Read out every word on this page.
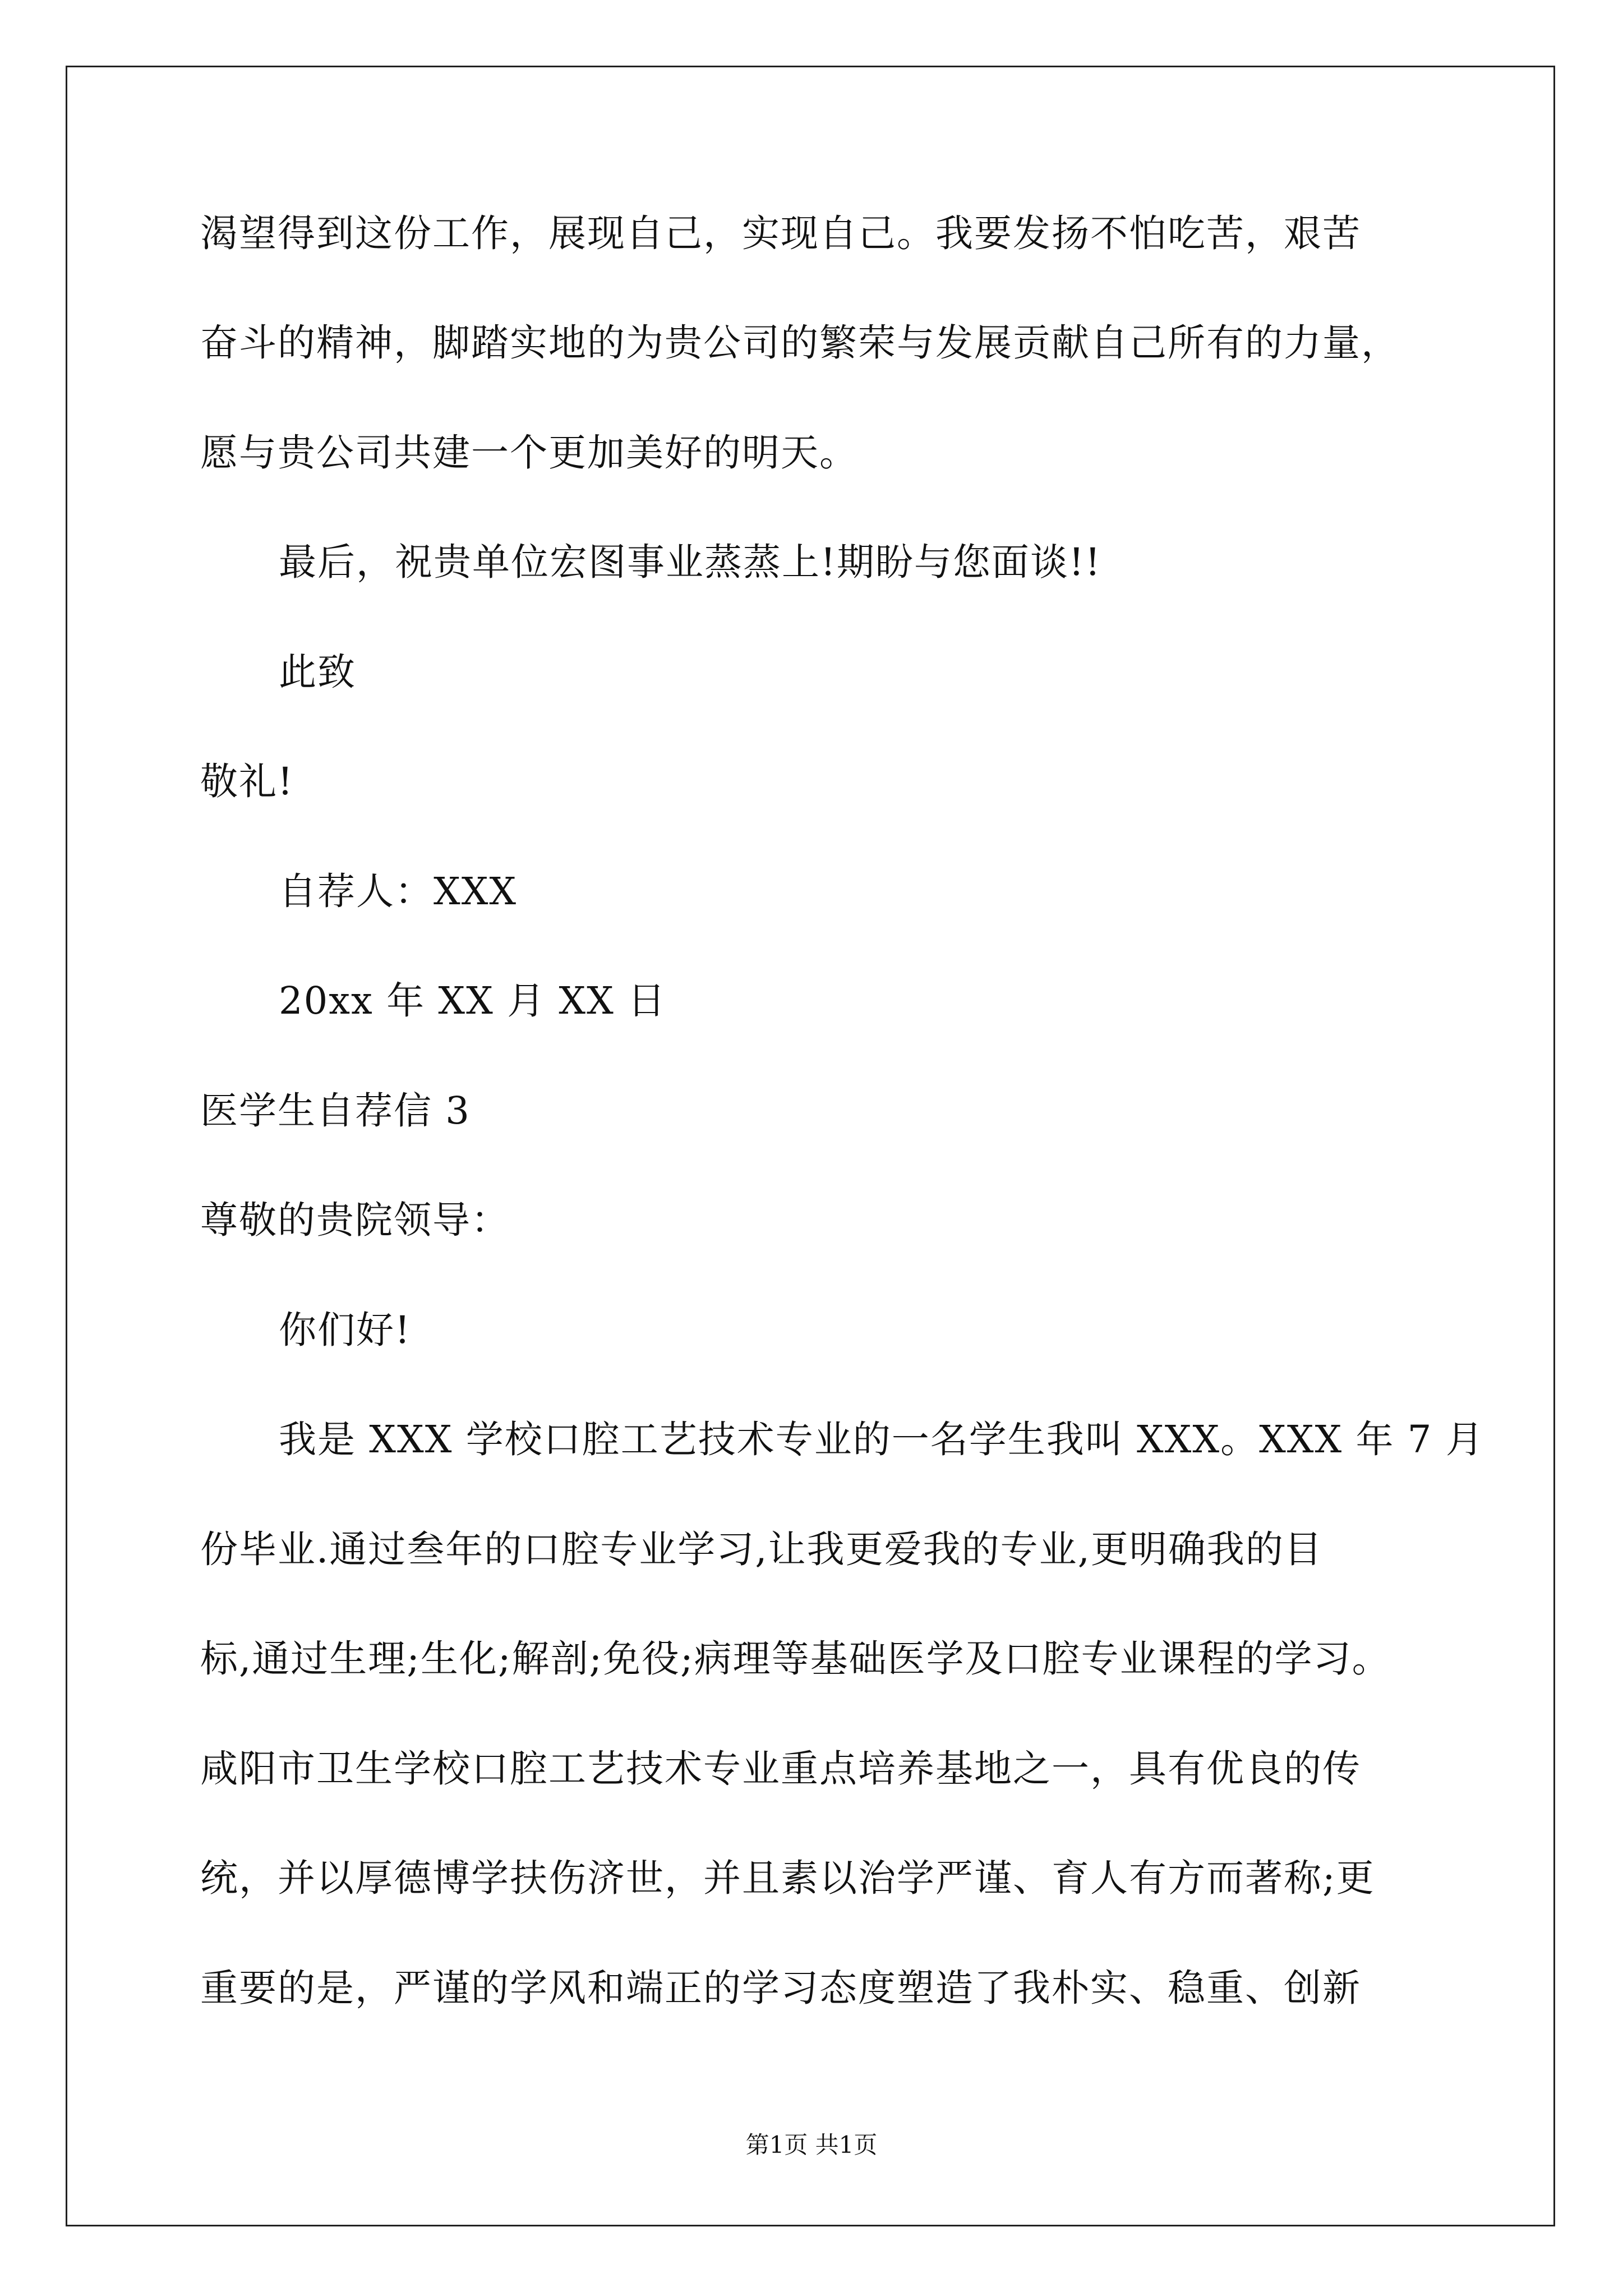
渴望得到这份工作，展现自己，实现自己。我要发扬不怕吃苦，艰苦
奋斗的精神，脚踏实地的为贵公司的繁荣与发展贡献自己所有的力量，
愿与贵公司共建一个更加美好的明天。
最后，祝贵单位宏图事业蒸蒸上!期盼与您面谈!!
此致
敬礼!
自荐人：XXX
20xx 年 XX 月 XX 日
医学生自荐信 3
尊敬的贵院领导：
你们好!
我是 XXX 学校口腔工艺技术专业的一名学生我叫 XXX。XXX 年 7 月
份毕业.通过叁年的口腔专业学习,让我更爱我的专业,更明确我的目
标,通过生理;生化;解剖;免役;病理等基础医学及口腔专业课程的学习。
咸阳市卫生学校口腔工艺技术专业重点培养基地之一，具有优良的传
统，并以厚德博学扶伤济世，并且素以治学严谨、育人有方而著称;更
重要的是，严谨的学风和端正的学习态度塑造了我朴实、稳重、创新
第1页 共1页
